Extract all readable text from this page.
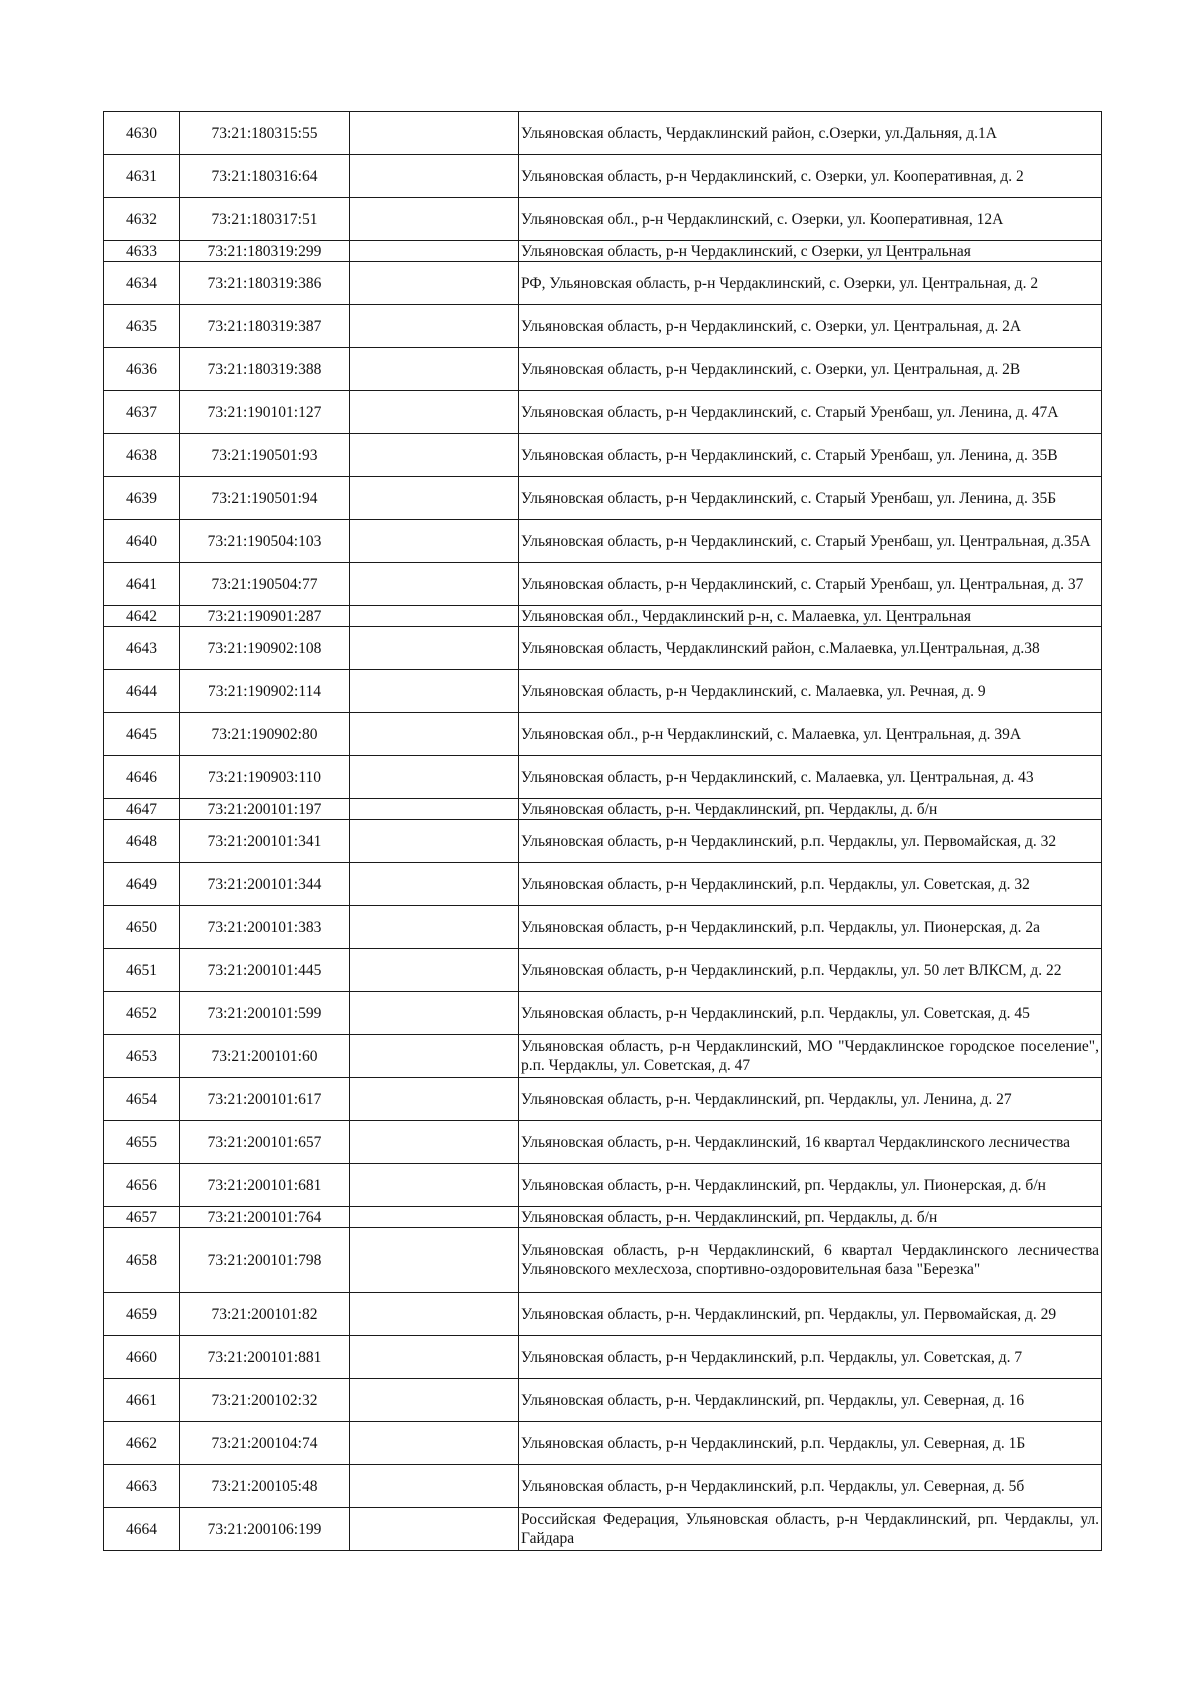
4630	73:21:180315:55		Ульяновская область, Чердаклинский район, с.Озерки, ул.Дальняя, д.1А
4631	73:21:180316:64		Ульяновская область, р-н Чердаклинский, с. Озерки, ул. Кооперативная, д. 2
4632	73:21:180317:51		Ульяновская обл., р-н Чердаклинский, с. Озерки, ул. Кооперативная, 12А
4633	73:21:180319:299		Ульяновская область, р-н Чердаклинский, с Озерки, ул Центральная
4634	73:21:180319:386		РФ, Ульяновская область, р-н Чердаклинский, с. Озерки, ул. Центральная, д. 2
4635	73:21:180319:387		Ульяновская область, р-н Чердаклинский, с. Озерки, ул. Центральная, д. 2А
4636	73:21:180319:388		Ульяновская область, р-н Чердаклинский, с. Озерки, ул. Центральная, д. 2В
4637	73:21:190101:127		Ульяновская область, р-н Чердаклинский, с. Старый Уренбаш, ул. Ленина, д. 47А
4638	73:21:190501:93		Ульяновская область, р-н Чердаклинский, с. Старый Уренбаш, ул. Ленина, д. 35В
4639	73:21:190501:94		Ульяновская область, р-н Чердаклинский, с. Старый Уренбаш, ул. Ленина, д. 35Б
4640	73:21:190504:103		Ульяновская область, р-н Чердаклинский, с. Старый Уренбаш, ул. Центральная, д.35А
4641	73:21:190504:77		Ульяновская область, р-н Чердаклинский, с. Старый Уренбаш, ул. Центральная, д. 37
4642	73:21:190901:287		Ульяновская обл., Чердаклинский р-н, с. Малаевка, ул. Центральная
4643	73:21:190902:108		Ульяновская область, Чердаклинский район, с.Малаевка, ул.Центральная, д.38
4644	73:21:190902:114		Ульяновская область, р-н Чердаклинский, с. Малаевка, ул. Речная, д. 9
4645	73:21:190902:80		Ульяновская обл., р-н Чердаклинский, с. Малаевка, ул. Центральная, д. 39А
4646	73:21:190903:110		Ульяновская область, р-н Чердаклинский, с. Малаевка, ул. Центральная, д. 43
4647	73:21:200101:197		Ульяновская область, р-н. Чердаклинский, рп. Чердаклы, д. б/н
4648	73:21:200101:341		Ульяновская область, р-н Чердаклинский, р.п. Чердаклы, ул. Первомайская, д. 32
4649	73:21:200101:344		Ульяновская область, р-н Чердаклинский, р.п. Чердаклы, ул. Советская, д. 32
4650	73:21:200101:383		Ульяновская область, р-н Чердаклинский, р.п. Чердаклы, ул. Пионерская, д. 2а
4651	73:21:200101:445		Ульяновская область, р-н Чердаклинский, р.п. Чердаклы, ул. 50 лет ВЛКСМ, д. 22
4652	73:21:200101:599		Ульяновская область, р-н Чердаклинский, р.п. Чердаклы, ул. Советская, д. 45
4653	73:21:200101:60		Ульяновская область, р-н Чердаклинский, МО "Чердаклинское городское поселение", р.п. Чердаклы, ул. Советская, д. 47
4654	73:21:200101:617		Ульяновская область, р-н. Чердаклинский, рп. Чердаклы, ул. Ленина, д. 27
4655	73:21:200101:657		Ульяновская область, р-н. Чердаклинский, 16 квартал Чердаклинского лесничества
4656	73:21:200101:681		Ульяновская область, р-н. Чердаклинский, рп. Чердаклы, ул. Пионерская, д. б/н
4657	73:21:200101:764		Ульяновская область, р-н. Чердаклинский, рп. Чердаклы, д. б/н
4658	73:21:200101:798		Ульяновская область, р-н Чердаклинский, 6 квартал Чердаклинского лесничества Ульяновского мехлесхоза, спортивно-оздоровительная база "Березка"
4659	73:21:200101:82		Ульяновская область, р-н. Чердаклинский, рп. Чердаклы, ул. Первомайская, д. 29
4660	73:21:200101:881		Ульяновская область, р-н Чердаклинский, р.п. Чердаклы, ул. Советская, д. 7
4661	73:21:200102:32		Ульяновская область, р-н. Чердаклинский, рп. Чердаклы, ул. Северная, д. 16
4662	73:21:200104:74		Ульяновская область, р-н Чердаклинский, р.п. Чердаклы, ул. Северная, д. 1Б
4663	73:21:200105:48		Ульяновская область, р-н Чердаклинский, р.п. Чердаклы, ул. Северная, д. 5б
4664	73:21:200106:199		Российская Федерация, Ульяновская область, р-н Чердаклинский, рп. Чердаклы, ул. Гайдара
